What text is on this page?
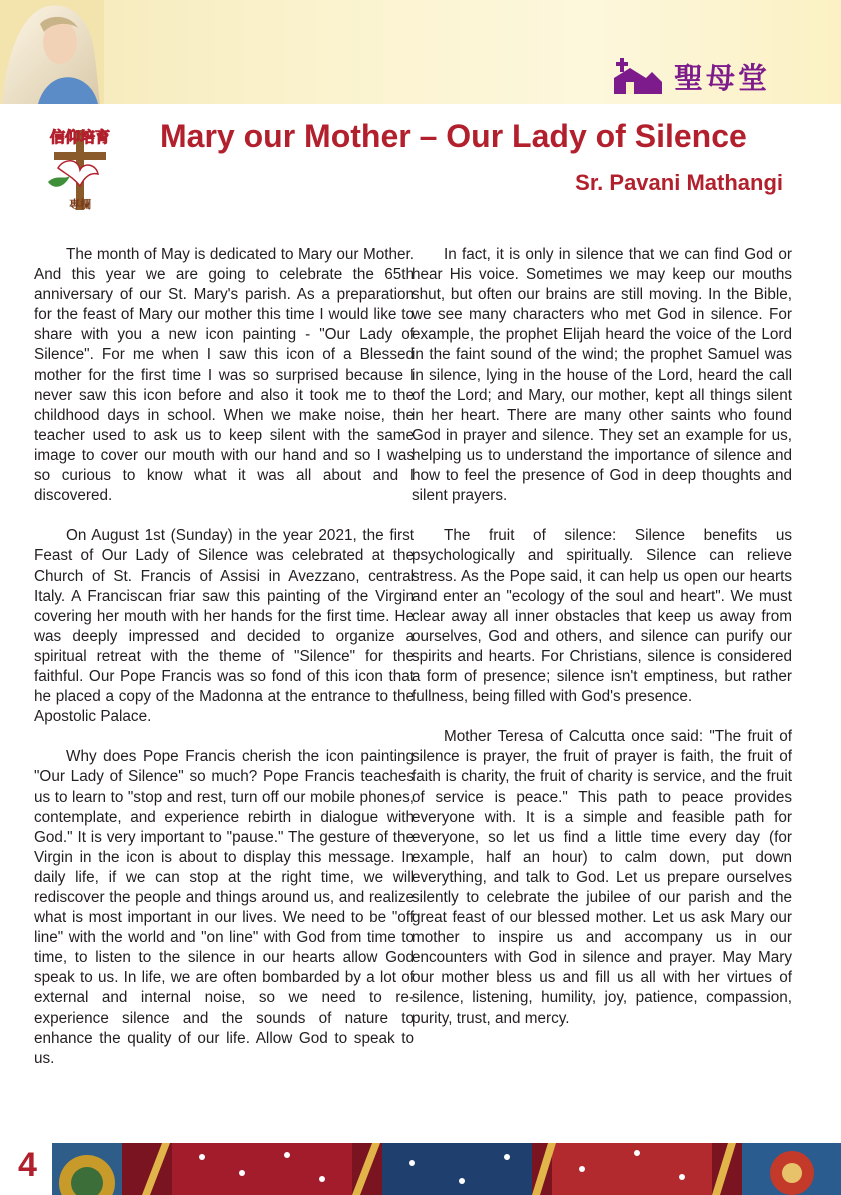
聖母堂
信仰培育
專欄
Mary our Mother – Our Lady of Silence
Sr. Pavani Mathangi

The month of May is dedicated to Mary our Mother. And this year we are going to celebrate the 65th anniversary of our St. Mary's parish. As a preparation for the feast of Mary our mother this time I would like to share with you a new icon painting - "Our Lady of Silence". For me when I saw this icon of a Blessed mother for the first time I was so surprised because I never saw this icon before and also it took me to the childhood days in school. When we make noise, the teacher used to ask us to keep silent with the same image to cover our mouth with our hand and so I was so curious to know what it was all about and I discovered.

On August 1st (Sunday) in the year 2021, the first Feast of Our Lady of Silence was celebrated at the Church of St. Francis of Assisi in Avezzano, central Italy. A Franciscan friar saw this painting of the Virgin covering her mouth with her hands for the first time. He was deeply impressed and decided to organize a spiritual retreat with the theme of "Silence" for the faithful. Our Pope Francis was so fond of this icon that he placed a copy of the Madonna at the entrance to the Apostolic Palace.

Why does Pope Francis cherish the icon painting "Our Lady of Silence" so much? Pope Francis teaches us to learn to "stop and rest, turn off our mobile phones, contemplate, and experience rebirth in dialogue with God." It is very important to "pause." The gesture of the Virgin in the icon is about to display this message. In daily life, if we can stop at the right time, we will rediscover the people and things around us, and realize what is most important in our lives. We need to be "off line" with the world and "on line" with God from time to time, to listen to the silence in our hearts allow God speak to us. In life, we are often bombarded by a lot of external and internal noise, so we need to re-experience silence and the sounds of nature to enhance the quality of our life. Allow God to speak to us.

In fact, it is only in silence that we can find God or hear His voice. Sometimes we may keep our mouths shut, but often our brains are still moving. In the Bible, we see many characters who met God in silence. For example, the prophet Elijah heard the voice of the Lord in the faint sound of the wind; the prophet Samuel was in silence, lying in the house of the Lord, heard the call of the Lord; and Mary, our mother, kept all things silent in her heart. There are many other saints who found God in prayer and silence. They set an example for us, helping us to understand the importance of silence and how to feel the presence of God in deep thoughts and silent prayers.

The fruit of silence: Silence benefits us psychologically and spiritually. Silence can relieve stress. As the Pope said, it can help us open our hearts and enter an "ecology of the soul and heart". We must clear away all inner obstacles that keep us away from ourselves, God and others, and silence can purify our spirits and hearts. For Christians, silence is considered a form of presence; silence isn't emptiness, but rather fullness, being filled with God's presence.

Mother Teresa of Calcutta once said: "The fruit of silence is prayer, the fruit of prayer is faith, the fruit of faith is charity, the fruit of charity is service, and the fruit of service is peace." This path to peace provides everyone with. It is a simple and feasible path for everyone, so let us find a little time every day (for example, half an hour) to calm down, put down everything, and talk to God. Let us prepare ourselves silently to celebrate the jubilee of our parish and the great feast of our blessed mother. Let us ask Mary our mother to inspire us and accompany us in our encounters with God in silence and prayer. May Mary our mother bless us and fill us all with her virtues of silence, listening, humility, joy, patience, compassion, purity, trust, and mercy.

4
